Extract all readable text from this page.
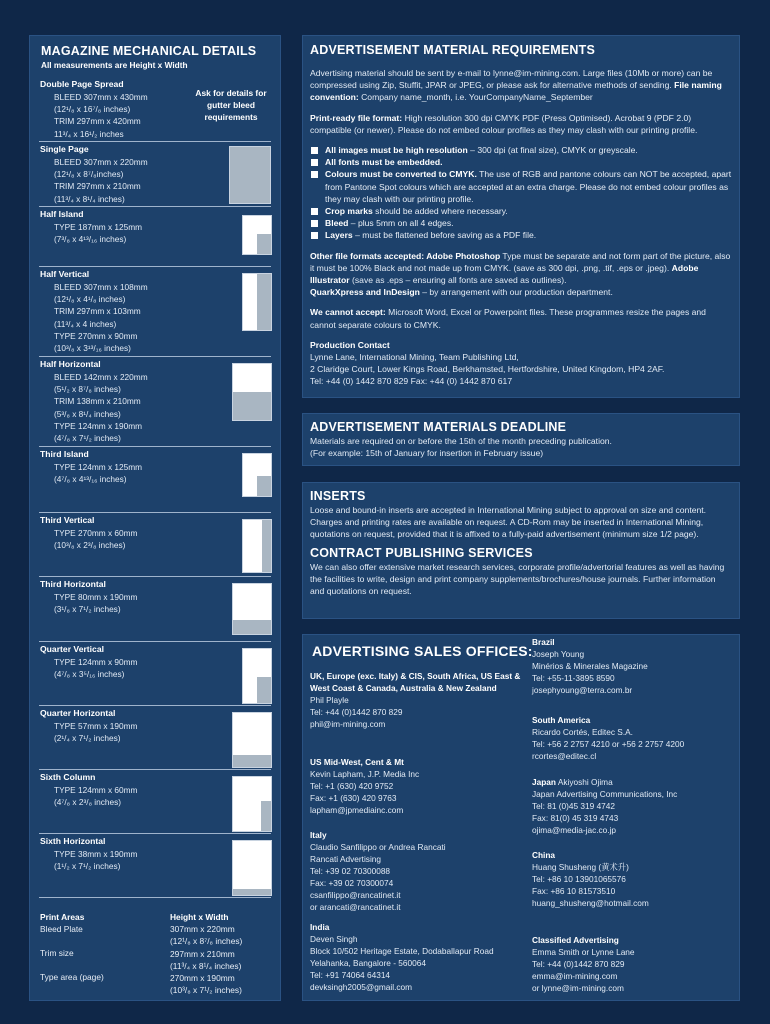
MAGAZINE MECHANICAL DETAILS
All measurements are Height x Width
Ask for details for gutter bleed requirements
Double Page Spread
BLEED 307mm x 430mm
(12¹/₈ x 16⁷/₈ inches)
TRIM 297mm x 420mm
11³/₄ x 16¹/₂ inches
Single Page
BLEED 307mm x 220mm
(12¹/₈ x 8⁷/₈inches)
TRIM 297mm x 210mm
(11³/₄ x 8¹/₄ inches)
Half Island
TYPE 187mm x 125mm
(7³/₈ x 4¹³/₁₆ inches)
Half Vertical
BLEED 307mm x 108mm
(12¹/₈ x 4¹/₈ inches)
TRIM 297mm x 103mm
(11³/₄ x 4 inches)
TYPE 270mm x 90mm
(10³/₈ x 3¹³/₁₆ inches)
Half Horizontal
BLEED 142mm x 220mm
(5¹/₂ x 8⁷/₈ inches)
TRIM 138mm x 210mm
(5³/₈ x 8¹/₄ inches)
TYPE 124mm x 190mm
(4⁷/₈ x 7¹/₂ inches)
Third Island
TYPE 124mm x 125mm
(4⁷/₈ x 4¹³/₁₆ inches)
Third Vertical
TYPE 270mm x 60mm
(10³/₈ x 2³/₈ inches)
Third Horizontal
TYPE 80mm x 190mm
(3¹/₈ x 7¹/₂ inches)
Quarter Vertical
TYPE 124mm x 90mm
(4⁷/₈ x 3⁵/₁₆ inches)
Quarter Horizontal
TYPE 57mm x 190mm
(2¹/₄ x 7¹/₂ inches)
Sixth Column
TYPE 124mm x 60mm
(4⁷/₈ x 2³/₈ inches)
Sixth Horizontal
TYPE 38mm x 190mm
(1¹/₂ x 7¹/₂ inches)
Print Areas
Bleed Plate
Trim size
Type area (page)
Height x Width
307mm x 220mm
(12¹/₈ x 8⁷/₈ inches)
297mm x 210mm
(11³/₄ x 8¹/₄ inches)
270mm x 190mm
(10³/₈ x 7¹/₂ inches)
ADVERTISEMENT MATERIAL REQUIREMENTS

Advertising material should be sent by e-mail to lynne@im-mining.com. Large files (10Mb or more) can be compressed using Zip, Stuffit, JPAR or JPEG, or please ask for alternative methods of sending. File naming convention: Company name_month, i.e. YourCompanyName_September

Print-ready file format: High resolution 300 dpi CMYK PDF (Press Optimised). Acrobat 9 (PDF 2.0) compatible (or newer). Please do not embed colour profiles as they may clash with our printing profile.

All images must be high resolution – 300 dpi (at final size), CMYK or greyscale.
All fonts must be embedded.
Colours must be converted to CMYK. The use of RGB and pantone colours can NOT be accepted, apart from Pantone Spot colours which are accepted at an extra charge. Please do not embed colour profiles as they may clash with our printing profile.
Crop marks should be added where necessary.
Bleed – plus 5mm on all 4 edges.
Layers – must be flattened before saving as a PDF file.

Other file formats accepted: Adobe Photoshop Type must be separate and not form part of the picture, also it must be 100% Black and not made up from CMYK. (save as 300 dpi, .png, .tif, .eps or .jpeg). Adobe Illustrator (save as .eps – ensuring all fonts are saved as outlines).
QuarkXpress and InDesign – by arrangement with our production department.

We cannot accept: Microsoft Word, Excel or Powerpoint files. These programmes resize the pages and cannot separate colours to CMYK.

Production Contact
Lynne Lane, International Mining, Team Publishing Ltd,
2 Claridge Court, Lower Kings Road, Berkhamsted, Hertfordshire, United Kingdom, HP4 2AF.
Tel: +44 (0) 1442 870 829 Fax: +44 (0) 1442 870 617

ADVERTISEMENT MATERIALS DEADLINE

Materials are required on or before the 15th of the month preceding publication.

(For example: 15th of January for insertion in February issue)

INSERTS

Loose and bound-in inserts are accepted in International Mining subject to approval on size and content. Charges and printing rates are available on request. A CD-Rom may be inserted in International Mining, quotations on request, provided that it is affixed to a fully-paid advertisement (minimum size 1/2 page).

CONTRACT PUBLISHING SERVICES

We can also offer extensive market research services, corporate profile/advertorial features as well as having the facilities to write, design and print company supplements/brochures/house journals. Further information and quotations on request.

ADVERTISING SALES OFFICES:
UK, Europe (exc. Italy) & CIS, South Africa, US East & West Coast & Canada, Australia & New Zealand
Phil Playle
Tel: +44 (0)1442 870 829
phil@im-mining.com
US Mid-West, Cent & Mt
Kevin Lapham, J.P. Media Inc
Tel: +1 (630) 420 9752
Fax: +1 (630) 420 9763
lapham@jpmediainc.com
Italy
Claudio Sanfilippo or Andrea Rancati
Rancati Advertising
Tel: +39 02 70300088
Fax: +39 02 70300074
csanfilippo@rancatinet.it
or arancati@rancatinet.it
India
Deven Singh
Block 10/502 Heritage Estate, Dodaballapur Road
Yelahanka, Bangalore - 560064
Tel: +91 74064 64314
devksingh2005@gmail.com
Brazil
Joseph Young
Minérios & Minerales Magazine
Tel: +55-11-3895 8590
josephyoung@terra.com.br
South America
Ricardo Cortés, Editec S.A.
Tel: +56 2 2757 4210 or +56 2 2757 4200
rcortes@editec.cl
Japan Akiyoshi Ojima
Japan Advertising Communications, Inc
Tel: 81 (0)45 319 4742
Fax: 81(0) 45 319 4743
ojima@media-jac.co.jp
China
Huang Shusheng (黄术升)
Tel: +86 10 13901065576
Fax: +86 10 81573510
huang_shusheng@hotmail.com
Classified Advertising
Emma Smith or Lynne Lane
Tel: +44 (0)1442 870 829
emma@im-mining.com
or lynne@im-mining.com
